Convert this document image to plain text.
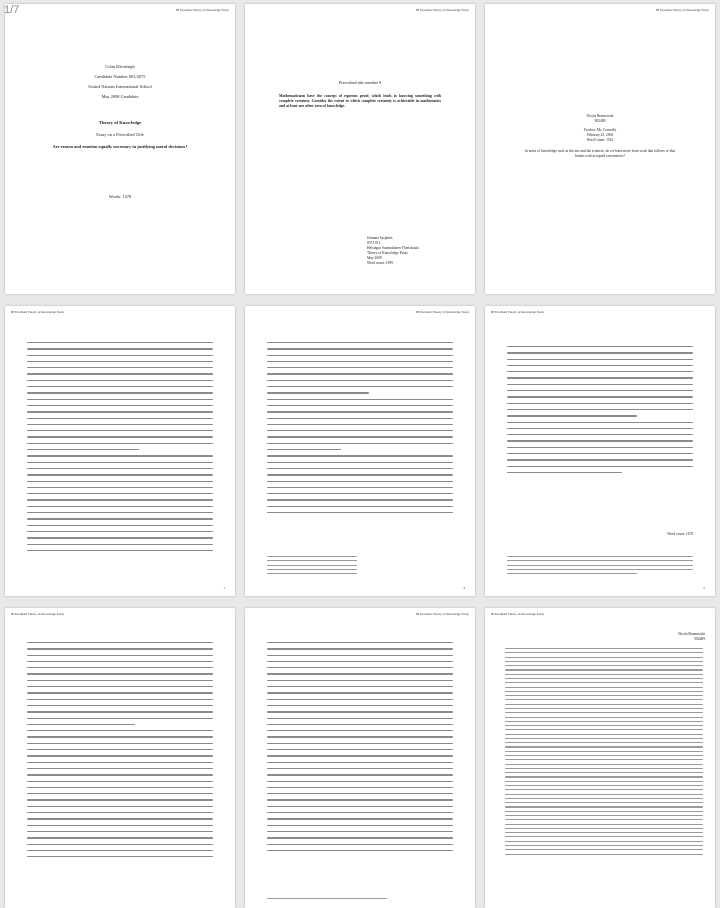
1/7	IB Excellent Theory of Knowledge Essay
Colin Kleufengh
Candidate Number 001/2075
United Nations International School
May 2008 Candidate
Theory of Knowledge
Essay on a Prescribed Title
Are reason and emotion equally necessary in justifying moral decisions?
Words: 1478
IB Excellent Theory of Knowledge Essay
Prescribed title number 9
Mathematicians have the concept of rigorous proof, which leads to knowing something with complete certainty. Consider the extent to which complete certainty is achievable in mathematics and at least one other area of knowledge.
Johanna Syrjänen
0371 011
Helsingin Suomalainen Yhteiskoulu
Theory of Knowledge Essay
May 2008
Word count: 1599
IB Excellent Theory of Knowledge Essay
Nicola Bramowski
002489
Teacher: Mr. Connolly
February 25, 2004
Word Count: 1561
In areas of knowledge such as the arts and the sciences, do we learn more from work that follows or that breaks with accepted conventions?
IB Excellent Theory of Knowledge Essay
1
IB Excellent Theory of Knowledge Essay
4
IB Excellent Theory of Knowledge Essay
Word count: 1478
5
IB Excellent Theory of Knowledge Essay	IB Excellent Theory of Knowledge Essay	IB Excellent Theory of Knowledge Essay
Nicola Bramowski
002489
